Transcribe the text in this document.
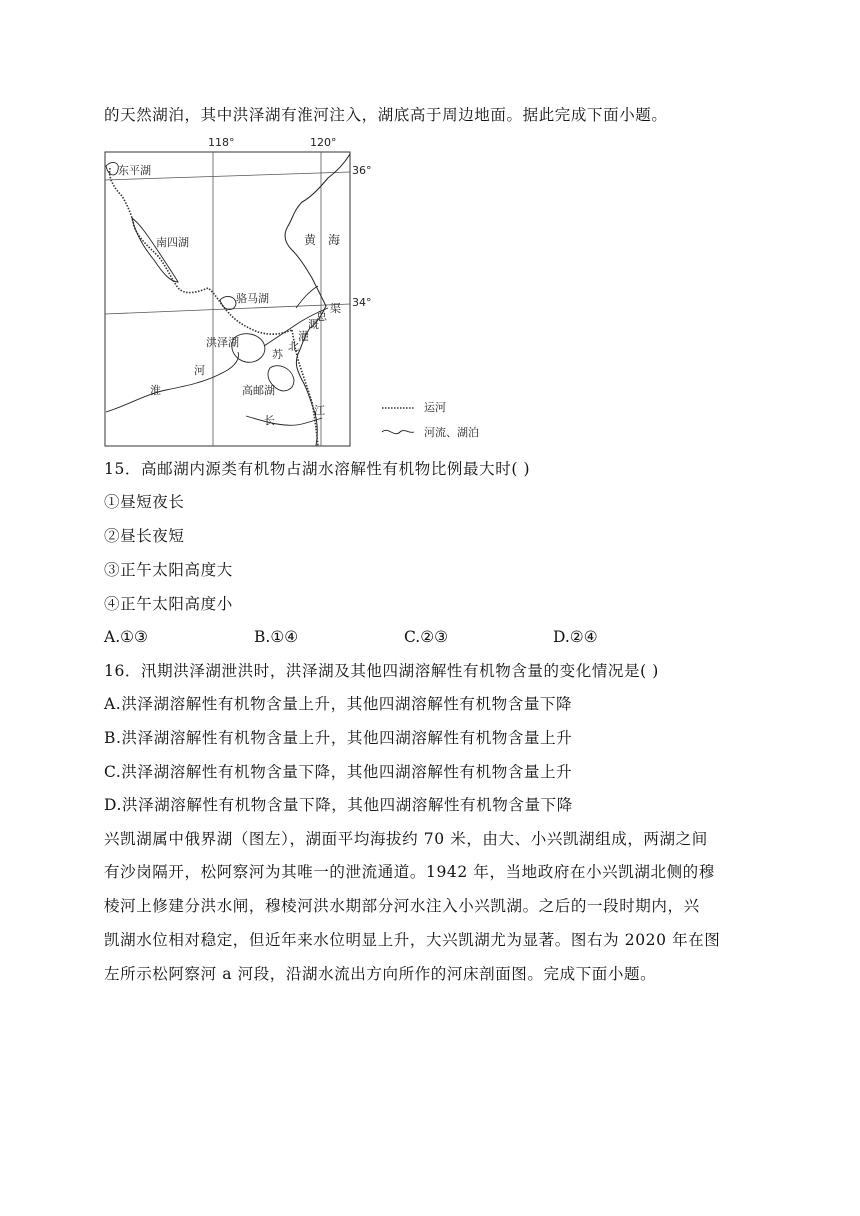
的天然湖泊，其中洪泽湖有淮河注入，湖底高于周边地面。据此完成下面小题。
118°	120°
36°
34°
东平湖
南四湖
骆马湖
洪泽湖
高邮湖
黄 海
淮
河
长
江
苏
北
灌
溉
总
渠
运河
河流、湖泊
15．高邮湖内源类有机物占湖水溶解性有机物比例最大时( )
①昼短夜长
②昼长夜短
③正午太阳高度大
④正午太阳高度小
A.①③	B.①④	C.②③	D.②④
16．汛期洪泽湖泄洪时，洪泽湖及其他四湖溶解性有机物含量的变化情况是( )
A.洪泽湖溶解性有机物含量上升，其他四湖溶解性有机物含量下降
B.洪泽湖溶解性有机物含量上升，其他四湖溶解性有机物含量上升
C.洪泽湖溶解性有机物含量下降，其他四湖溶解性有机物含量上升
D.洪泽湖溶解性有机物含量下降，其他四湖溶解性有机物含量下降
兴凯湖属中俄界湖（图左），湖面平均海拔约 70 米，由大、小兴凯湖组成，两湖之间
有沙岗隔开，松阿察河为其唯一的泄流通道。1942 年，当地政府在小兴凯湖北侧的穆
棱河上修建分洪水闸，穆棱河洪水期部分河水注入小兴凯湖。之后的一段时期内，兴
凯湖水位相对稳定，但近年来水位明显上升，大兴凯湖尤为显著。图右为 2020 年在图
左所示松阿察河 a 河段，沿湖水流出方向所作的河床剖面图。完成下面小题。
